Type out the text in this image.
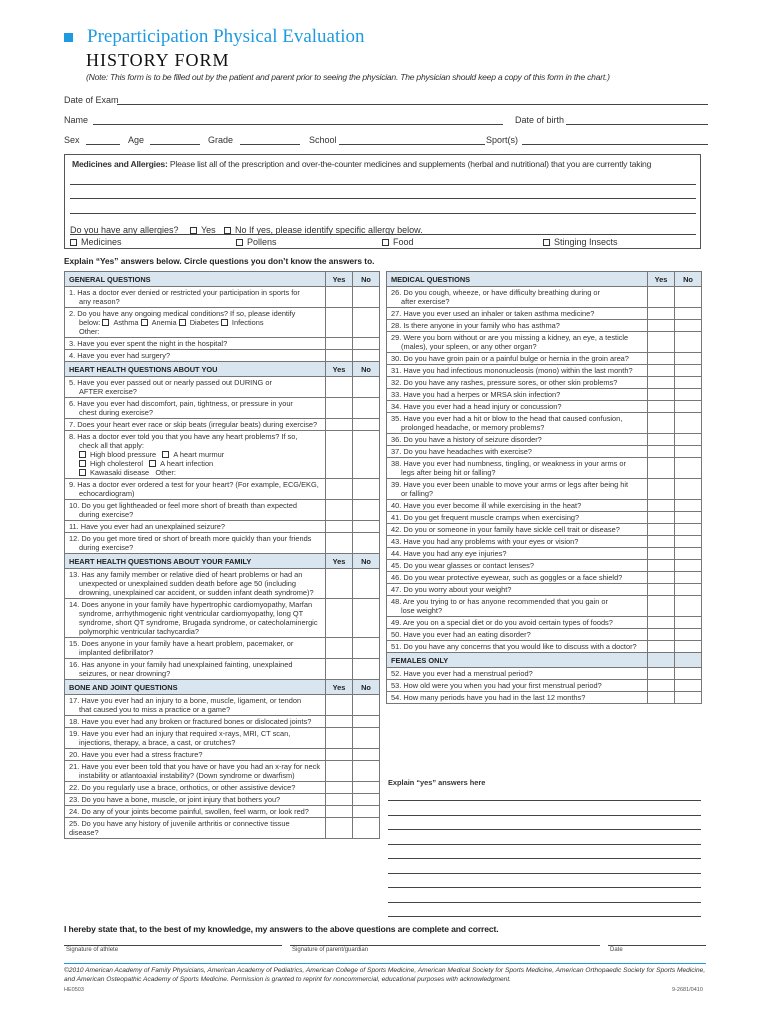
Preparticipation Physical Evaluation
HISTORY FORM
(Note: This form is to be filled out by the patient and parent prior to seeing the physician. The physician should keep a copy of this form in the chart.)
Date of Exam
Name	Date of birth
Sex	Age	Grade	School	Sport(s)
Medicines and Allergies: Please list all of the prescription and over-the-counter medicines and supplements (herbal and nutritional) that you are currently taking
Do you have any allergies?	Yes	No If yes, please identify specific allergy below.
Medicines	Pollens	Food	Stinging Insects
Explain “Yes” answers below. Circle questions you don’t know the answers to.
GENERAL QUESTIONS	Yes	No
1. Has a doctor ever denied or restricted your participation in sports for
any reason?		

2. Do you have any ongoing medical conditions? If so, please identify
below: Asthma Anemia Diabetes Infections
Other:		

3. Have you ever spent the night in the hospital?		
4. Have you ever had surgery?		
HEART HEALTH QUESTIONS ABOUT YOU	Yes	No
5. Have you ever passed out or nearly passed out DURING or
AFTER exercise?		

6. Have you ever had discomfort, pain, tightness, or pressure in your
chest during exercise?		

7. Does your heart ever race or skip beats (irregular beats) during exercise?		
8. Has a doctor ever told you that you have any heart problems? If so,
check all that apply:
High blood pressure A heart murmur
High cholesterol A heart infection
Kawasaki disease Other:		

9. Has a doctor ever ordered a test for your heart? (For example, ECG/EKG,
echocardiogram)		

10. Do you get lightheaded or feel more short of breath than expected
during exercise?		

11. Have you ever had an unexplained seizure?		
12. Do you get more tired or short of breath more quickly than your friends
during exercise?		

HEART HEALTH QUESTIONS ABOUT YOUR FAMILY	Yes	No
13. Has any family member or relative died of heart problems or had an
unexpected or unexplained sudden death before age 50 (including
drowning, unexplained car accident, or sudden infant death syndrome)?		

14. Does anyone in your family have hypertrophic cardiomyopathy, Marfan
syndrome, arrhythmogenic right ventricular cardiomyopathy, long QT
syndrome, short QT syndrome, Brugada syndrome, or catecholaminergic
polymorphic ventricular tachycardia?		

15. Does anyone in your family have a heart problem, pacemaker, or
implanted defibrillator?		

16. Has anyone in your family had unexplained fainting, unexplained
seizures, or near drowning?		

BONE AND JOINT QUESTIONS	Yes	No
17. Have you ever had an injury to a bone, muscle, ligament, or tendon
that caused you to miss a practice or a game?		

18. Have you ever had any broken or fractured bones or dislocated joints?		
19. Have you ever had an injury that required x-rays, MRI, CT scan,
injections, therapy, a brace, a cast, or crutches?		

20. Have you ever had a stress fracture?		
21. Have you ever been told that you have or have you had an x-ray for neck
instability or atlantoaxial instability? (Down syndrome or dwarfism)		

22. Do you regularly use a brace, orthotics, or other assistive device?		
23. Do you have a bone, muscle, or joint injury that bothers you?		
24. Do any of your joints become painful, swollen, feel warm, or look red?		
25. Do you have any history of juvenile arthritis or connective tissue disease?		
MEDICAL QUESTIONS	Yes	No
26. Do you cough, wheeze, or have difficulty breathing during or
after exercise?		

27. Have you ever used an inhaler or taken asthma medicine?		
28. Is there anyone in your family who has asthma?		
29. Were you born without or are you missing a kidney, an eye, a testicle
(males), your spleen, or any other organ?		

30. Do you have groin pain or a painful bulge or hernia in the groin area?		
31. Have you had infectious mononucleosis (mono) within the last month?		
32. Do you have any rashes, pressure sores, or other skin problems?		
33. Have you had a herpes or MRSA skin infection?		
34. Have you ever had a head injury or concussion?		
35. Have you ever had a hit or blow to the head that caused confusion,
prolonged headache, or memory problems?		

36. Do you have a history of seizure disorder?		
37. Do you have headaches with exercise?		
38. Have you ever had numbness, tingling, or weakness in your arms or
legs after being hit or falling?		

39. Have you ever been unable to move your arms or legs after being hit
or falling?		

40. Have you ever become ill while exercising in the heat?		
41. Do you get frequent muscle cramps when exercising?		
42. Do you or someone in your family have sickle cell trait or disease?		
43. Have you had any problems with your eyes or vision?		
44. Have you had any eye injuries?		
45. Do you wear glasses or contact lenses?		
46. Do you wear protective eyewear, such as goggles or a face shield?		
47. Do you worry about your weight?		
48. Are you trying to or has anyone recommended that you gain or
lose weight?		

49. Are you on a special diet or do you avoid certain types of foods?		
50. Have you ever had an eating disorder?		
51. Do you have any concerns that you would like to discuss with a doctor?		
FEMALES ONLY		
52. Have you ever had a menstrual period?		
53. How old were you when you had your first menstrual period?		
54. How many periods have you had in the last 12 months?		
Explain “yes” answers here
I hereby state that, to the best of my knowledge, my answers to the above questions are complete and correct.
Signature of athlete	Signature of parent/guardian	Date
©2010 American Academy of Family Physicians, American Academy of Pediatrics, American College of Sports Medicine, American Medical Society for Sports Medicine, American Orthopaedic Society for Sports Medicine, and American Osteopathic Academy of Sports Medicine. Permission is granted to reprint for noncommercial, educational purposes with acknowledgment.
HE0503	9-2681/0410
